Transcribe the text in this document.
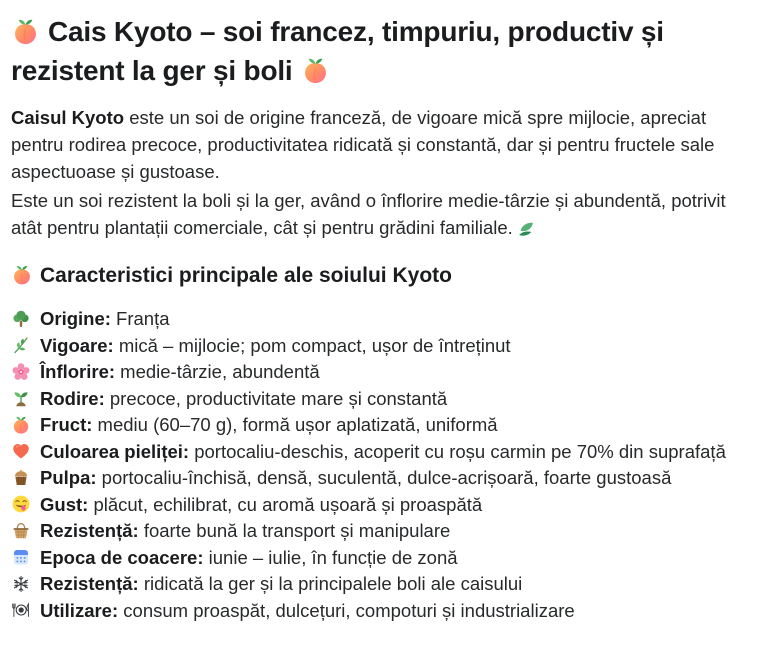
Cais Kyoto – soi francez, timpuriu, productiv și rezistent la ger și boli

Caisul Kyoto este un soi de origine franceză, de vigoare mică spre mijlocie, apreciat pentru rodirea precoce, productivitatea ridicată și constantă, dar și pentru fructele sale aspectuoase și gustoase.

Este un soi rezistent la boli și la ger, având o înflorire medie-târzie și abundentă, potrivit atât pentru plantații comerciale, cât și pentru grădini familiale.

Caracteristici principale ale soiului Kyoto
Origine: Franța
Vigoare: mică – mijlocie; pom compact, ușor de întreținut
Înflorire: medie-târzie, abundentă
Rodire: precoce, productivitate mare și constantă
Fruct: mediu (60–70 g), formă ușor aplatizată, uniformă
Culoarea pieliței: portocaliu-deschis, acoperit cu roșu carmin pe 70% din suprafață
Pulpa: portocaliu-închisă, densă, suculentă, dulce-acrișoară, foarte gustoasă
Gust: plăcut, echilibrat, cu aromă ușoară și proaspătă
Rezistență: foarte bună la transport și manipulare
Epoca de coacere: iunie – iulie, în funcție de zonă
Rezistență: ridicată la ger și la principalele boli ale caisului
Utilizare: consum proaspăt, dulcețuri, compoturi și industrializare
